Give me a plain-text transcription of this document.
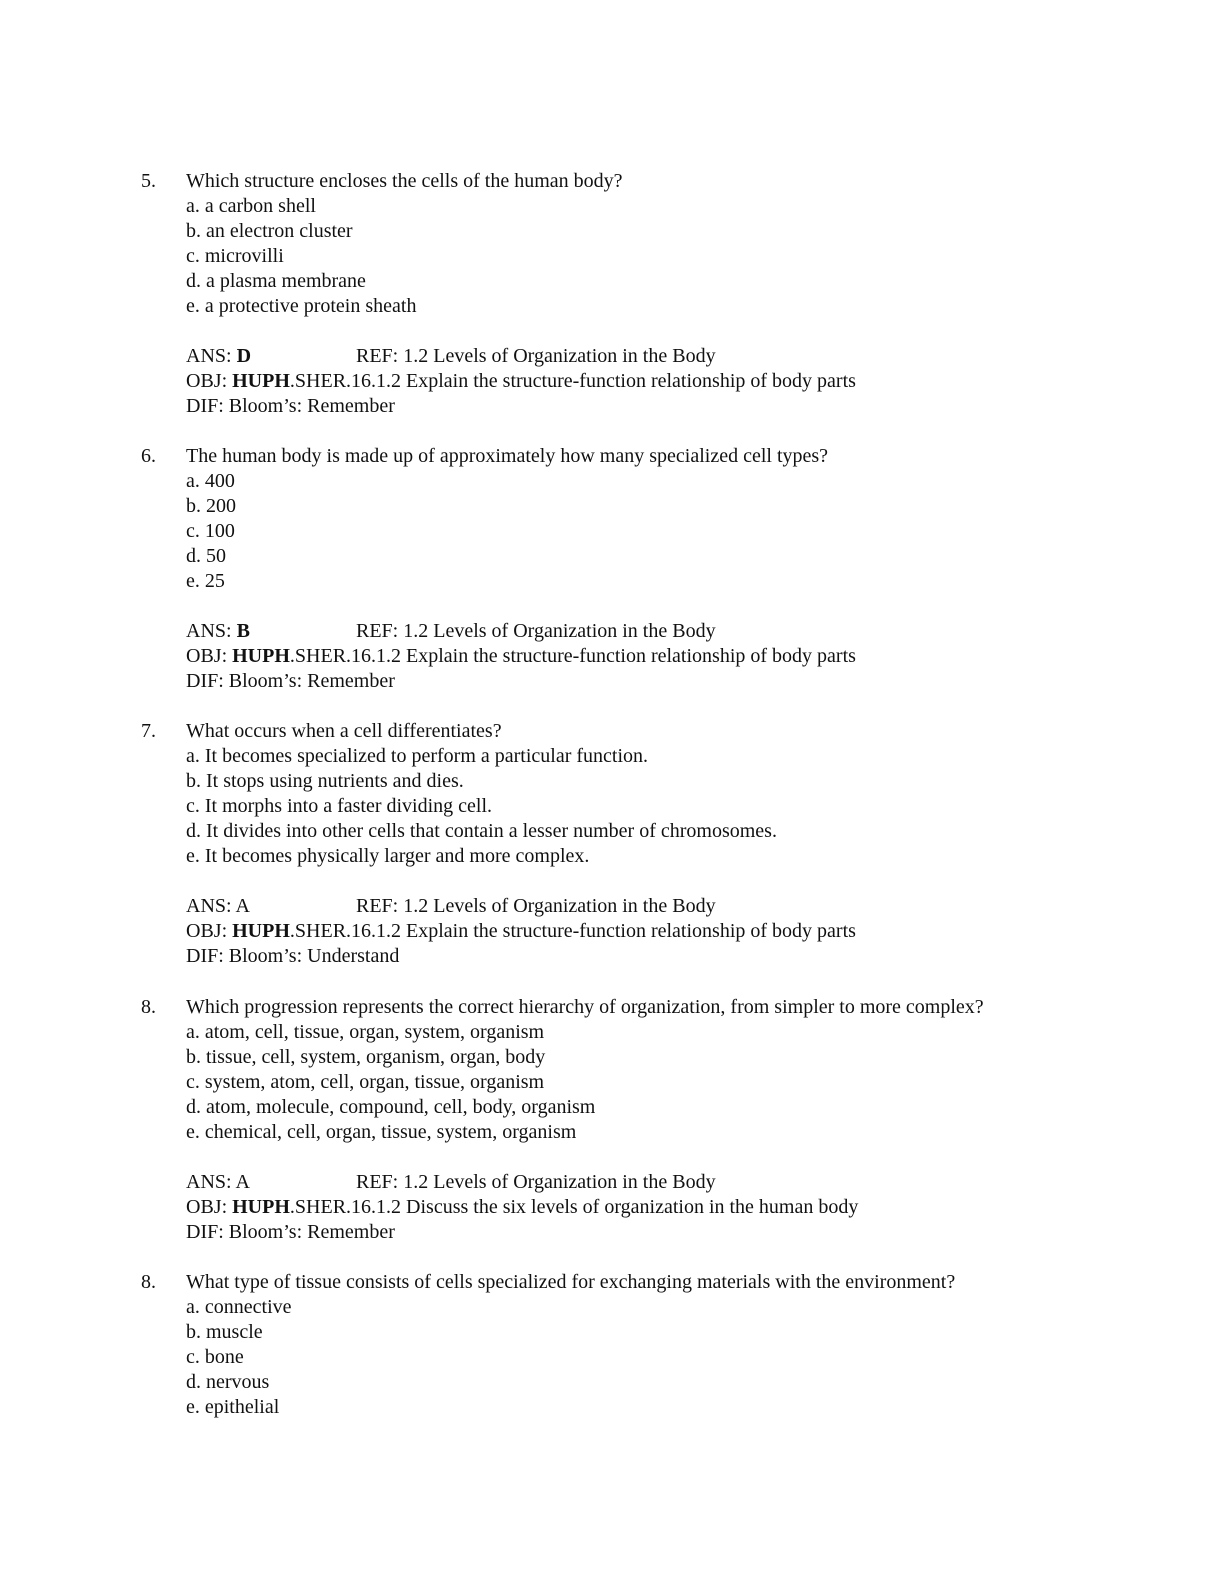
5. Which structure encloses the cells of the human body?
a. a carbon shell
b. an electron cluster
c. microvilli
d. a plasma membrane
e. a protective protein sheath
ANS: D	REF: 1.2 Levels of Organization in the Body
OBJ: HUPH.SHER.16.1.2 Explain the structure-function relationship of body parts
DIF: Bloom’s: Remember
6. The human body is made up of approximately how many specialized cell types?
a. 400
b. 200
c. 100
d. 50
e. 25
ANS: B	REF: 1.2 Levels of Organization in the Body
OBJ: HUPH.SHER.16.1.2 Explain the structure-function relationship of body parts
DIF: Bloom’s: Remember
7. What occurs when a cell differentiates?
a. It becomes specialized to perform a particular function.
b. It stops using nutrients and dies.
c. It morphs into a faster dividing cell.
d. It divides into other cells that contain a lesser number of chromosomes.
e. It becomes physically larger and more complex.
ANS: A	REF: 1.2 Levels of Organization in the Body
OBJ: HUPH.SHER.16.1.2 Explain the structure-function relationship of body parts
DIF: Bloom’s: Understand
8. Which progression represents the correct hierarchy of organization, from simpler to more complex?
a. atom, cell, tissue, organ, system, organism
b. tissue, cell, system, organism, organ, body
c. system, atom, cell, organ, tissue, organism
d. atom, molecule, compound, cell, body, organism
e. chemical, cell, organ, tissue, system, organism
ANS: A	REF: 1.2 Levels of Organization in the Body
OBJ: HUPH.SHER.16.1.2 Discuss the six levels of organization in the human body
DIF: Bloom’s: Remember
8. What type of tissue consists of cells specialized for exchanging materials with the environment?
a. connective
b. muscle
c. bone
d. nervous
e. epithelial
